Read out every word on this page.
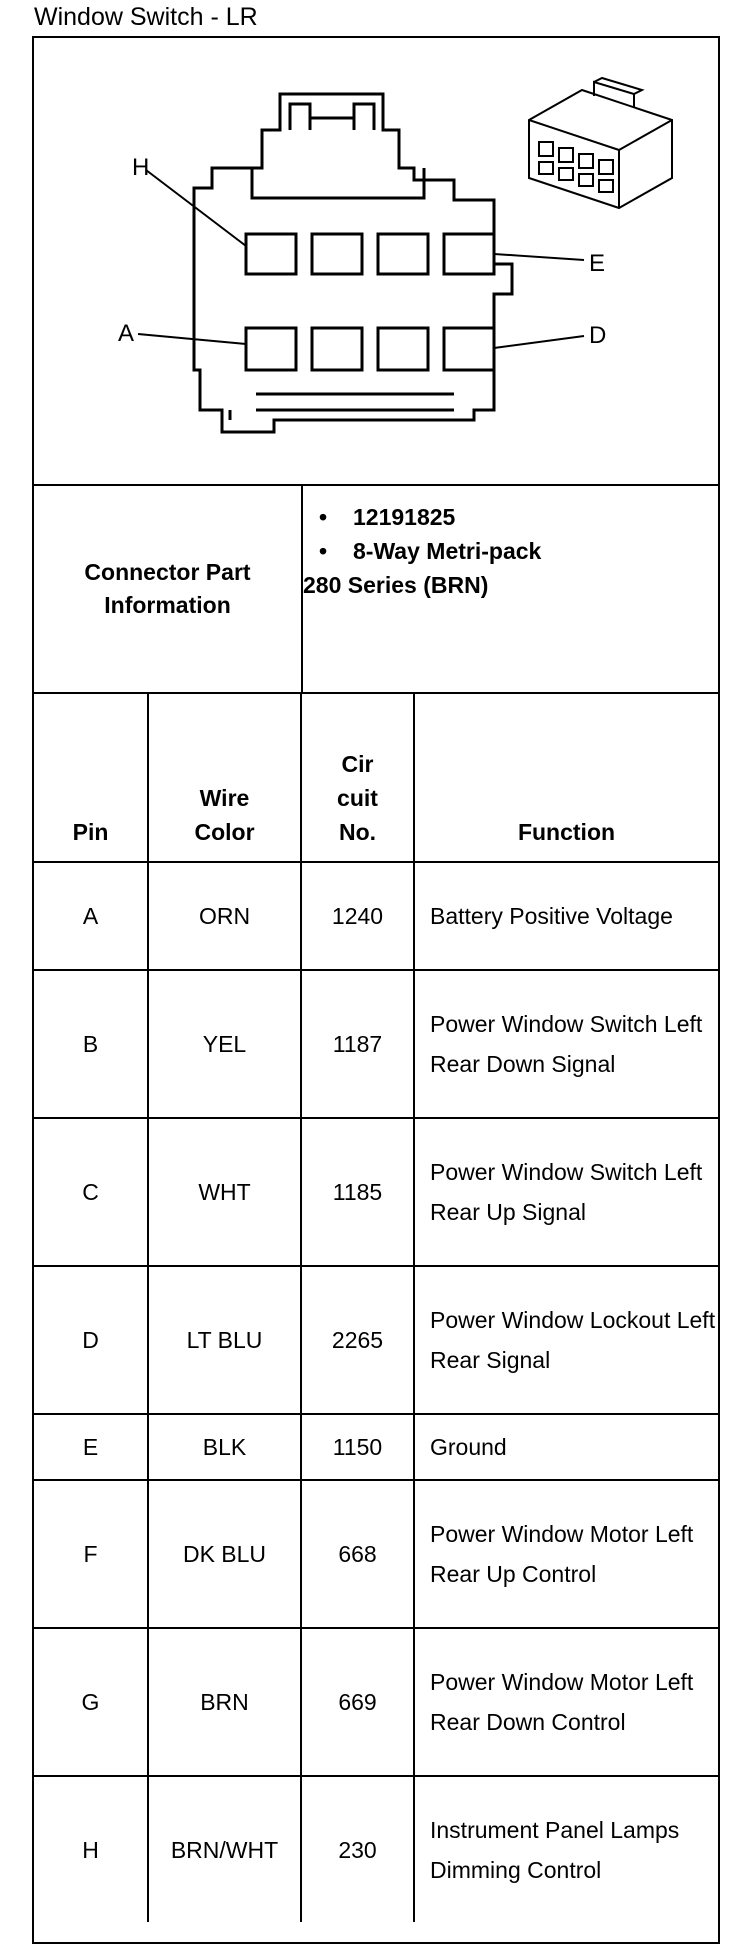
Window Switch - LR
H
E
A	D
Connector Part Information
• 12191825
• 8-Way Metri-pack
280 Series (BRN)
Pin	Wire Color	Cir cuit No.	Function
A	ORN	1240	Battery Positive Voltage
B	YEL	1187	Power Window Switch Left Rear Down Signal
C	WHT	1185	Power Window Switch Left Rear Up Signal
D	LT BLU	2265	Power Window Lockout Left Rear Signal
E	BLK	1150	Ground
F	DK BLU	668	Power Window Motor Left Rear Up Control
G	BRN	669	Power Window Motor Left Rear Down Control
H	BRN/WHT	230	Instrument Panel Lamps Dimming Control
